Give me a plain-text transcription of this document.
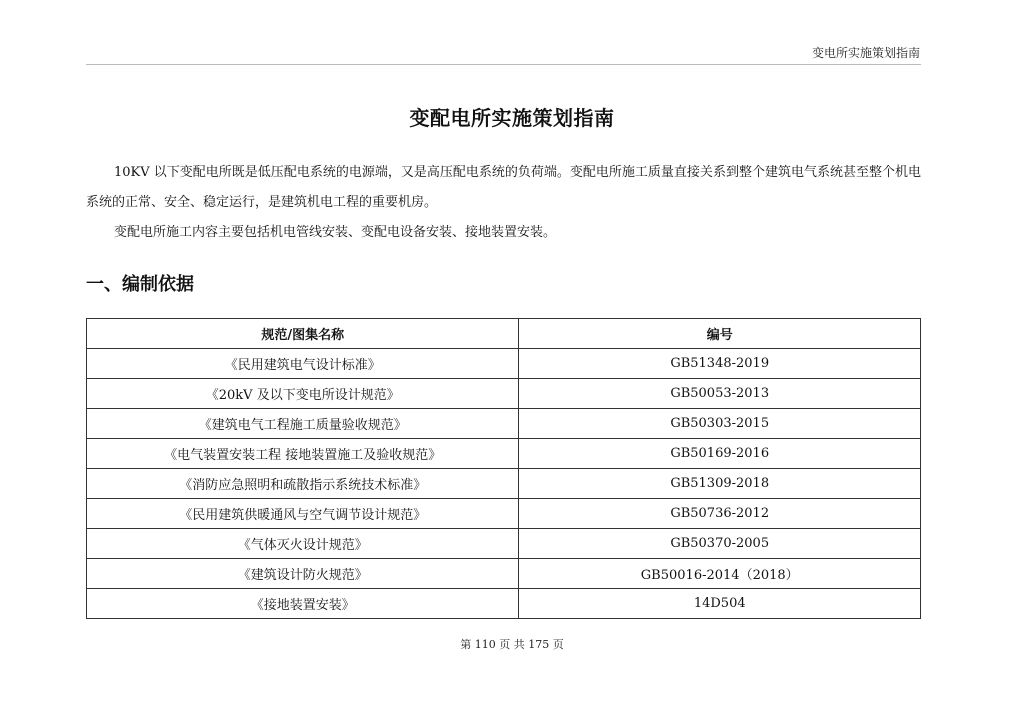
变电所实施策划指南
变配电所实施策划指南

10KV 以下变配电所既是低压配电系统的电源端，又是高压配电系统的负荷端。变配电所施工质量直接关系到整个建筑电气系统甚至整个机电系统的正常、安全、稳定运行，是建筑机电工程的重要机房。

变配电所施工内容主要包括机电管线安装、变配电设备安装、接地装置安装。

一、编制依据
规范/图集名称	编号
《民用建筑电气设计标准》	GB51348-2019
《20kV 及以下变电所设计规范》	GB50053-2013
《建筑电气工程施工质量验收规范》	GB50303-2015
《电气装置安装工程 接地装置施工及验收规范》	GB50169-2016
《消防应急照明和疏散指示系统技术标准》	GB51309-2018
《民用建筑供暖通风与空气调节设计规范》	GB50736-2012
《气体灭火设计规范》	GB50370-2005
《建筑设计防火规范》	GB50016-2014（2018）
《接地装置安装》	14D504
第 110 页 共 175 页
